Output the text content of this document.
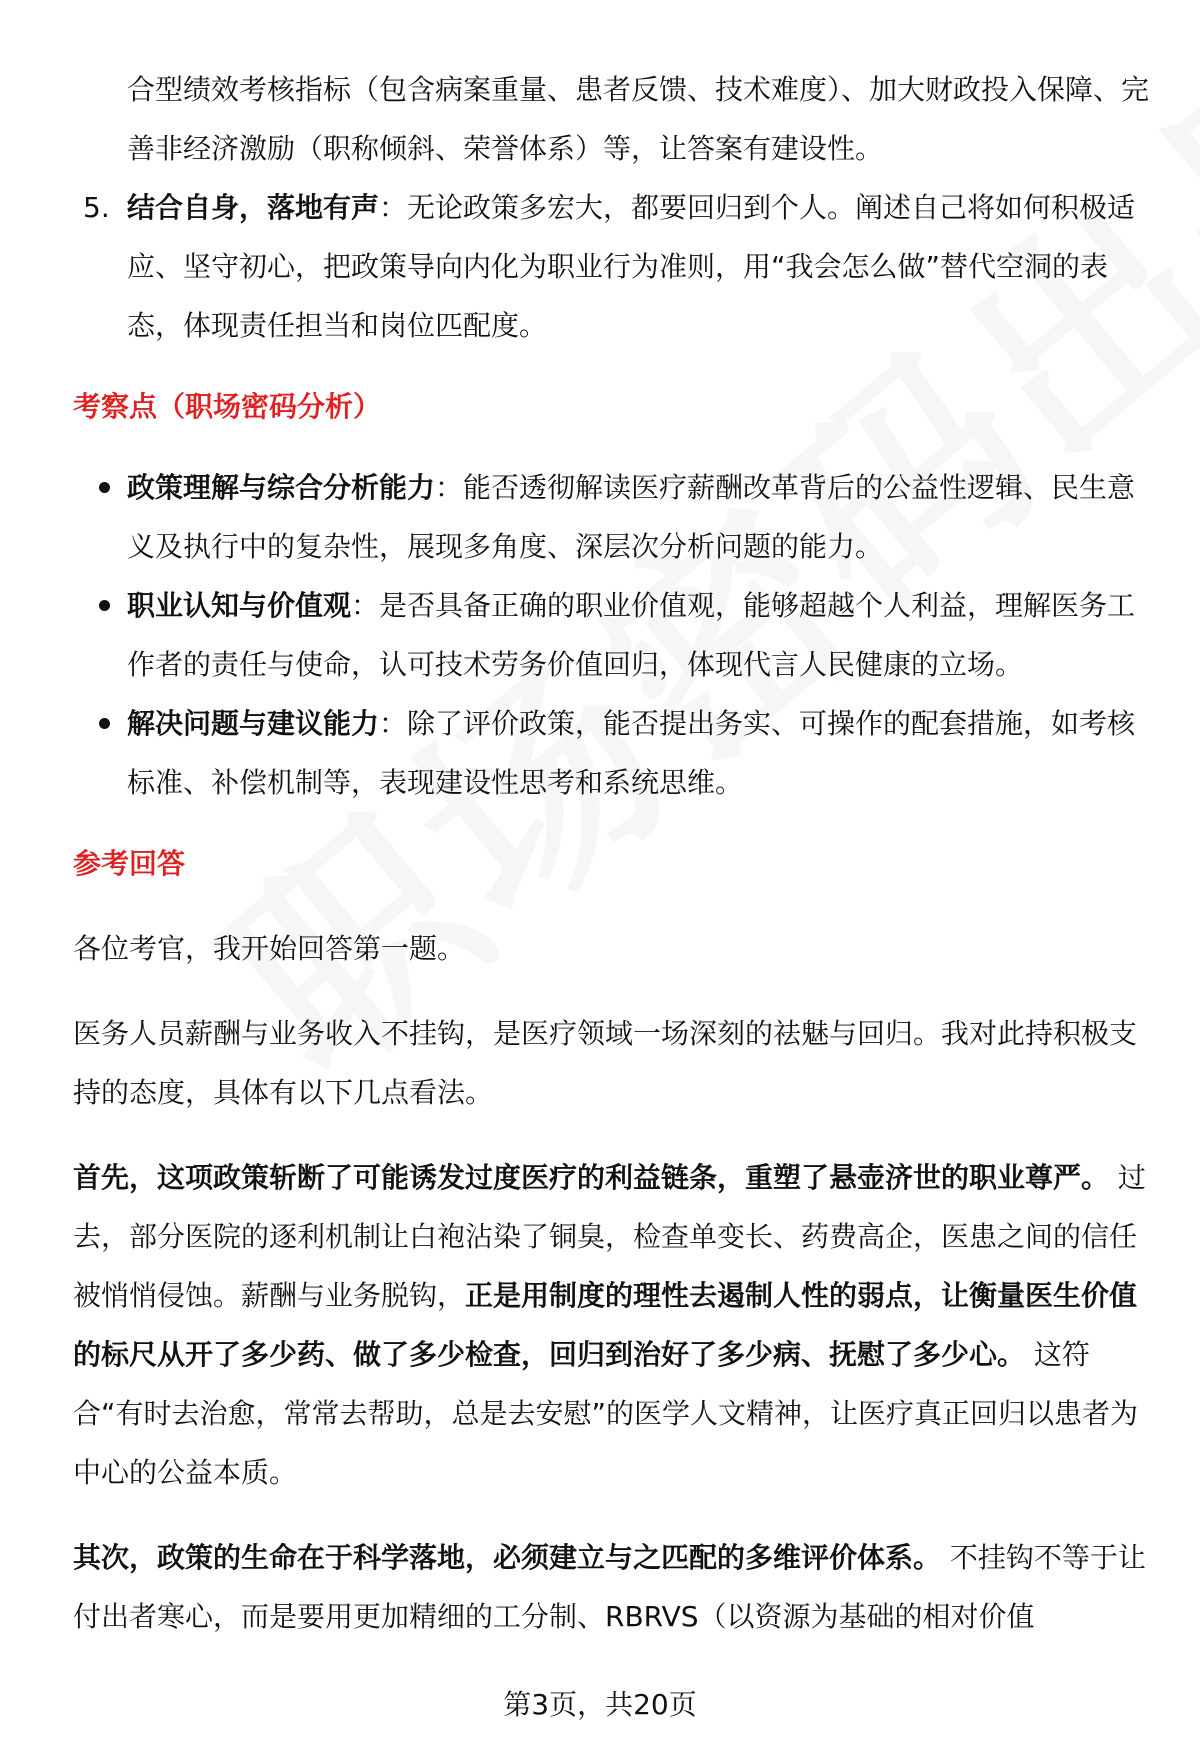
合型绩效考核指标（包含病案重量、患者反馈、技术难度）、加大财政投入保障、完善非经济激励（职称倾斜、荣誉体系）等，让答案有建设性。

5. 结合自身，落地有声：无论政策多宏大，都要回归到个人。阐述自己将如何积极适应、坚守初心，把政策导向内化为职业行为准则，用“我会怎么做”替代空洞的表态，体现责任担当和岗位匹配度。

考察点（职场密码分析）

政策理解与综合分析能力：能否透彻解读医疗薪酬改革背后的公益性逻辑、民生意义及执行中的复杂性，展现多角度、深层次分析问题的能力。
职业认知与价值观：是否具备正确的职业价值观，能够超越个人利益，理解医务工作者的责任与使命，认可技术劳务价值回归，体现代言人民健康的立场。
解决问题与建议能力：除了评价政策，能否提出务实、可操作的配套措施，如考核标准、补偿机制等，表现建设性思考和系统思维。

参考回答

各位考官，我开始回答第一题。

医务人员薪酬与业务收入不挂钩，是医疗领域一场深刻的祛魅与回归。我对此持积极支持的态度，具体有以下几点看法。

首先，这项政策斩断了可能诱发过度医疗的利益链条，重塑了悬壶济世的职业尊严。 过去，部分医院的逐利机制让白袍沾染了铜臭，检查单变长、药费高企，医患之间的信任被悄悄侵蚀。薪酬与业务脱钩，正是用制度的理性去遏制人性的弱点，让衡量医生价值的标尺从开了多少药、做了多少检查，回归到治好了多少病、抚慰了多少心。 这符合“有时去治愈，常常去帮助，总是去安慰”的医学人文精神，让医疗真正回归以患者为中心的公益本质。

其次，政策的生命在于科学落地，必须建立与之匹配的多维评价体系。 不挂钩不等于让付出者寒心，而是要用更加精细的工分制、RBRVS（以资源为基础的相对价值

第3页，共20页
